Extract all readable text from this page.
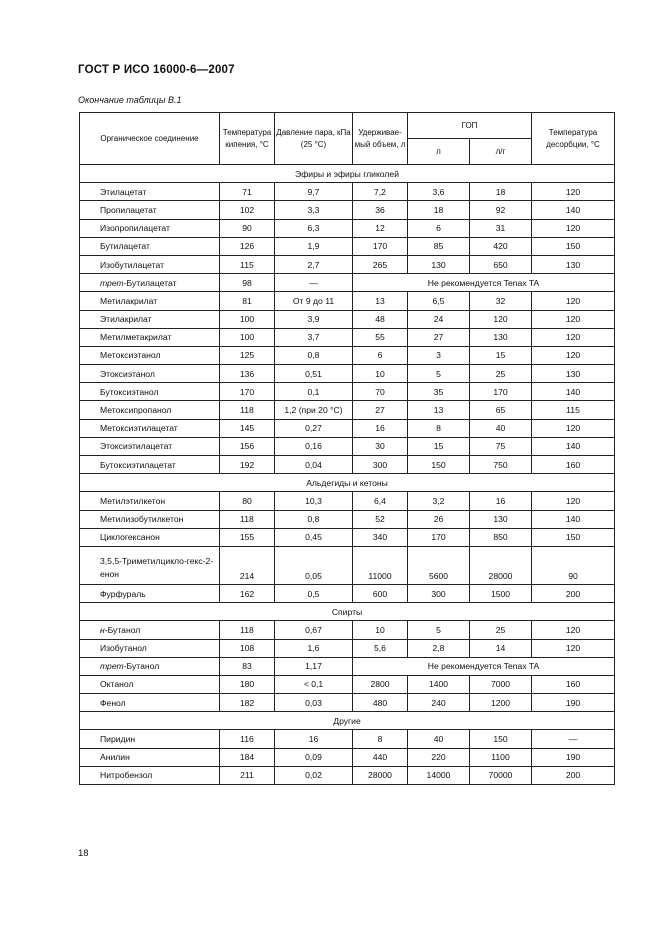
ГОСТ Р ИСО 16000-6—2007
Окончание таблицы В.1
Органическое соединение	Температура кипения, °С	Давление пара, кПа (25 °С)	Удерживае-мый объем, л	ГОП		Температура десорбции, °С
				л	л/г	
Эфиры и эфиры гликолей						
Этилацетат	71	9,7	7,2	3,6	18	120
Пропилацетат	102	3,3	36	18	92	140
Изопропилацетат	90	6,3	12	6	31	120
Бутилацетат	126	1,9	170	85	420	150
Изобутилацетат	115	2,7	265	130	650	130
трет-Бутилацетат	98	—	Не рекомендуется Tenax TA			
Метилакрилат	81	От 9 до 11	13	6,5	32	120
Этилакрилат	100	3,9	48	24	120	120
Метилметакрилат	100	3,7	55	27	130	120
Метоксиэтанол	125	0,8	6	3	15	120
Этоксиэтанол	136	0,51	10	5	25	130
Бутоксиэтанол	170	0,1	70	35	170	140
Метоксипропанол	118	1,2 (при 20 °С)	27	13	65	115
Метоксиэтилацетат	145	0,27	16	8	40	120
Этоксиэтилацетат	156	0,16	30	15	75	140
Бутоксиэтилацетат	192	0,04	300	150	750	160
Альдегиды и кетоны						
Метилэтилкетон	80	10,3	6,4	3,2	16	120
Метилизобутилкетон	118	0,8	52	26	130	140
Циклогексанон	155	0,45	340	170	850	150
3,5,5-Триметилцикло-гекс-2-енон	214	0,05	11000	5600	28000	90
Фурфураль	162	0,5	600	300	1500	200
Спирты						
н-Бутанол	118	0,67	10	5	25	120
Изобутанол	108	1,6	5,6	2,8	14	120
трет-Бутанол	83	1,17	Не рекомендуется Tenax TA			
Октанол	180	< 0,1	2800	1400	7000	160
Фенол	182	0,03	480	240	1200	190
Другие						
Пиридин	116	16	8	40	150	—
Анилин	184	0,09	440	220	1100	190
Нитробензол	211	0,02	28000	14000	70000	200
18
